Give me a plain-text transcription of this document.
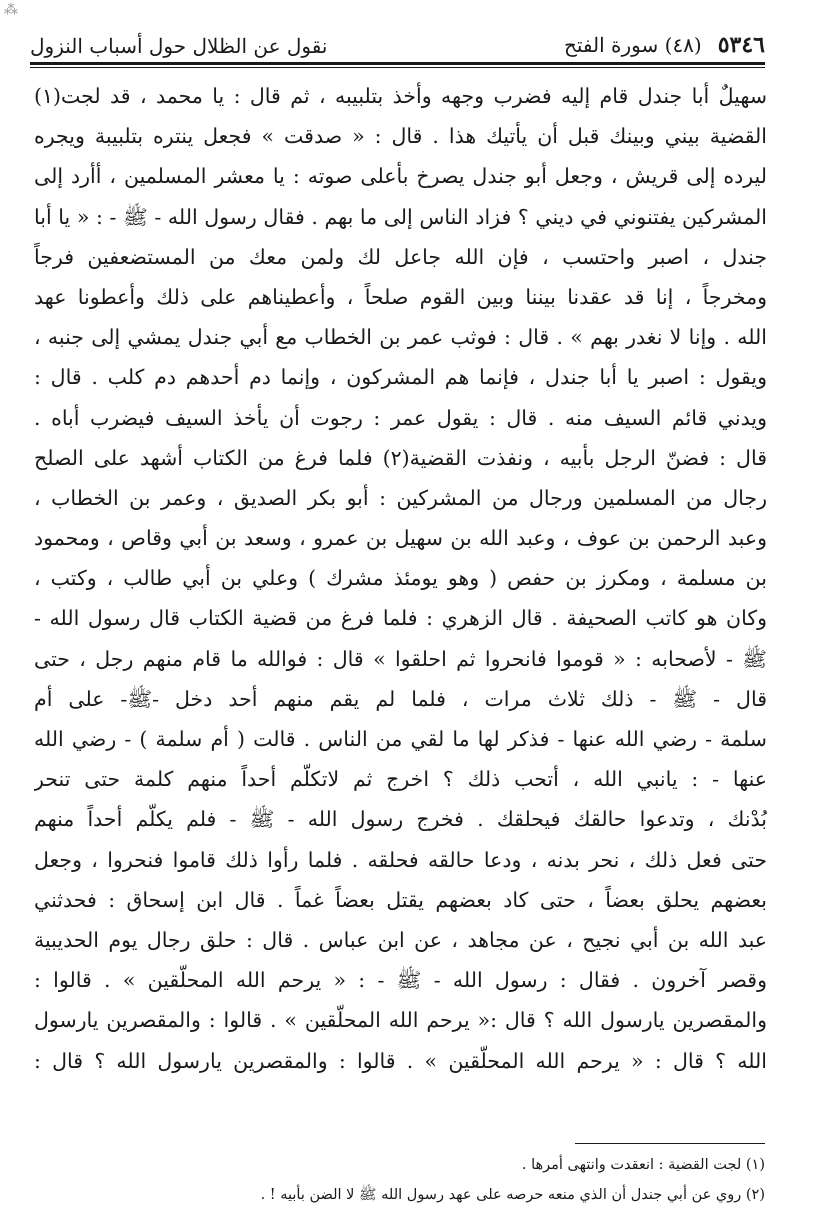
⁂
٥٣٤٦
(٤٨) سورة الفتح
نقول عن الظلال حول أسباب النزول
سهيلٌ أبا جندل قام إليه فضرب وجهه وأخذ بتلبيبه ، ثم قال : يا محمد ، قد لجت(١)
القضية بيني وبينك قبل أن يأتيك هذا . قال : « صدقت » فجعل ينتره بتلبيبة ويجره
ليرده إلى قريش ، وجعل أبو جندل يصرخ بأعلى صوته : يا معشر المسلمين ، أأرد إلى
المشركين يفتنوني في ديني ؟ فزاد الناس إلى ما بهم . فقال رسول الله - ﷺ - : « يا أبا
جندل ، اصبر واحتسب ، فإن الله جاعل لك ولمن معك من المستضعفين فرجاً
ومخرجاً ، إنا قد عقدنا بيننا وبين القوم صلحاً ، وأعطيناهم على ذلك وأعطونا عهد
الله . وإنا لا نغدر بهم » . قال : فوثب عمر بن الخطاب مع أبي جندل يمشي إلى جنبه ،
ويقول : اصبر يا أبا جندل ، فإنما هم المشركون ، وإنما دم أحدهم دم كلب . قال :
ويدني قائم السيف منه . قال : يقول عمر : رجوت أن يأخذ السيف فيضرب أباه .
قال : فضنّ الرجل بأبيه ، ونفذت القضية(٢) فلما فرغ من الكتاب أشهد على الصلح
رجال من المسلمين ورجال من المشركين : أبو بكر الصديق ، وعمر بن الخطاب ،
وعبد الرحمن بن عوف ، وعبد الله بن سهيل بن عمرو ، وسعد بن أبي وقاص ، ومحمود
بن مسلمة ، ومكرز بن حفص ( وهو يومئذ مشرك ) وعلي بن أبي طالب ، وكتب ،
وكان هو كاتب الصحيفة . قال الزهري : فلما فرغ من قضية الكتاب قال رسول الله -
ﷺ - لأصحابه : « قوموا فانحروا ثم احلقوا » قال : فوالله ما قام منهم رجل ، حتى
قال - ﷺ - ذلك ثلاث مرات ، فلما لم يقم منهم أحد دخل -ﷺ- على أم
سلمة - رضي الله عنها - فذكر لها ما لقي من الناس . قالت ( أم سلمة ) - رضي الله
عنها - : يانبي الله ، أتحب ذلك ؟ اخرج ثم لاتكلّم أحداً منهم كلمة حتى تنحر
بُدْنك ، وتدعوا حالقك فيحلقك . فخرج رسول الله - ﷺ - فلم يكلّم أحداً منهم
حتى فعل ذلك ، نحر بدنه ، ودعا حالقه فحلقه . فلما رأوا ذلك قاموا فنحروا ، وجعل
بعضهم يحلق بعضاً ، حتى كاد بعضهم يقتل بعضاً غماً . قال ابن إسحاق : فحدثني
عبد الله بن أبي نجيح ، عن مجاهد ، عن ابن عباس . قال : حلق رجال يوم الحديبية
وقصر آخرون . فقال : رسول الله - ﷺ - : « يرحم الله المحلّقين » . قالوا :
والمقصرين يارسول الله ؟ قال :« يرحم الله المحلّقين » . قالوا : والمقصرين يارسول
الله ؟ قال : « يرحم الله المحلّقين » . قالوا : والمقصرين يارسول الله ؟ قال :
(١) لجت القضية : انعقدت وانتهى أمرها .
(٢) روي عن أبي جندل أن الذي منعه حرصه على عهد رسول الله ﷺ لا الضن بأبيه ! .
